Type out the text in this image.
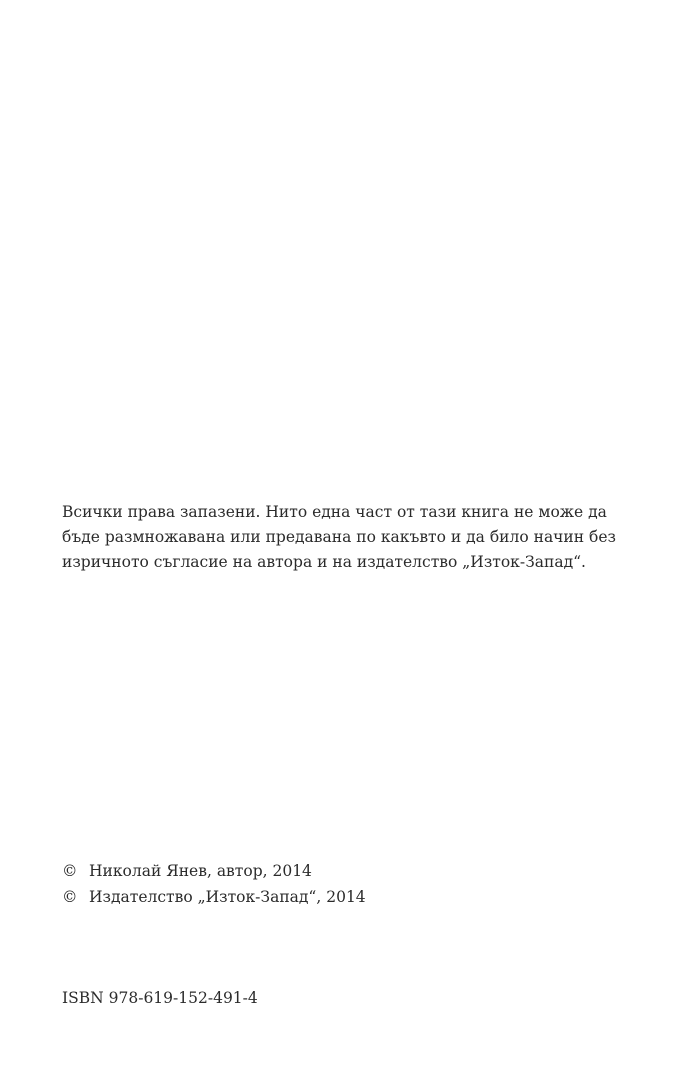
Всички права запазени. Нито една част от тази книга не може да
бъде размножавана или предавана по какъвто и да било начин без
изричното съгласие на автора и на издателство „Изток-Запад“.
© Николай Янев, автор, 2014
© Издателство „Изток-Запад“, 2014
ISBN 978-619-152-491-4
